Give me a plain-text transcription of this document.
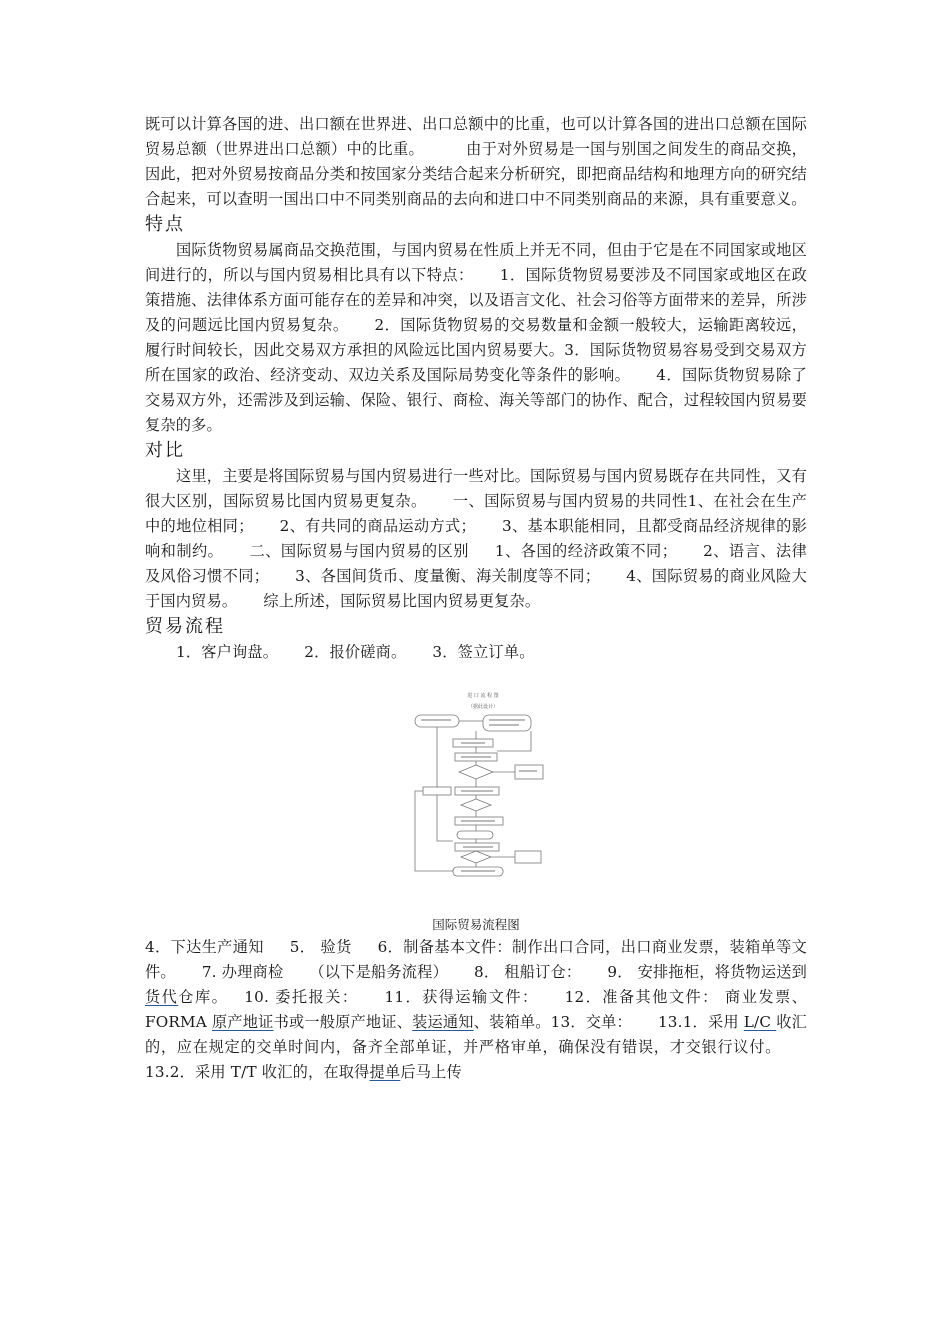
既可以计算各国的进、出口额在世界进、出口总额中的比重，也可以计算各国的进出口总额在国际贸易总额（世界进出口总额）中的比重。	由于对外贸易是一国与别国之间发生的商品交换，因此，把对外贸易按商品分类和按国家分类结合起来分析研究，即把商品结构和地理方向的研究结合起来，可以查明一国出口中不同类别商品的去向和进口中不同类别商品的来源，具有重要意义。

特点

国际货物贸易属商品交换范围，与国内贸易在性质上并无不同，但由于它是在不同国家或地区间进行的，所以与国内贸易相比具有以下特点： 1．国际货物贸易要涉及不同国家或地区在政策措施、法律体系方面可能存在的差异和冲突，以及语言文化、社会习俗等方面带来的差异，所涉及的问题远比国内贸易复杂。 2．国际货物贸易的交易数量和金额一般较大，运输距离较远，履行时间较长，因此交易双方承担的风险远比国内贸易要大。3．国际货物贸易容易受到交易双方所在国家的政治、经济变动、双边关系及国际局势变化等条件的影响。 4．国际货物贸易除了交易双方外，还需涉及到运输、保险、银行、商检、海关等部门的协作、配合，过程较国内贸易要复杂的多。

对比

这里，主要是将国际贸易与国内贸易进行一些对比。国际贸易与国内贸易既存在共同性，又有很大区别，国际贸易比国内贸易更复杂。 一、国际贸易与国内贸易的共同性1、在社会在生产中的地位相同； 2、有共同的商品运动方式； 3、基本职能相同，且都受商品经济规律的影响和制约。 二、国际贸易与国内贸易的区别 1、各国的经济政策不同； 2、语言、法律及风俗习惯不同； 3、各国间货币、度量衡、海关制度等不同； 4、国际贸易的商业风险大于国内贸易。 综上所述，国际贸易比国内贸易更复杂。

贸易流程

1．客户询盘。 2．报价磋商。 3．签立订单。

进 口 流 程 图
（据此设计）
国际贸易流程图

4．下达生产通知 5． 验货 6．制备基本文件：制作出口合同，出口商业发票，装箱单等文件。 7. 办理商检 （以下是船务流程） 8． 租船订仓： 9． 安排拖柜，将货物运送到货代仓库。 10. 委托报关： 11．获得运输文件： 12．准备其他文件： 商业发票、FORMA 原产地证书或一般原产地证、装运通知、装箱单。13．交单： 13.1．采用 L/C 收汇的，应在规定的交单时间内，备齐全部单证，并严格审单，确保没有错误，才交银行议付。13.2．采用 T/T 收汇的，在取得提单后马上传
